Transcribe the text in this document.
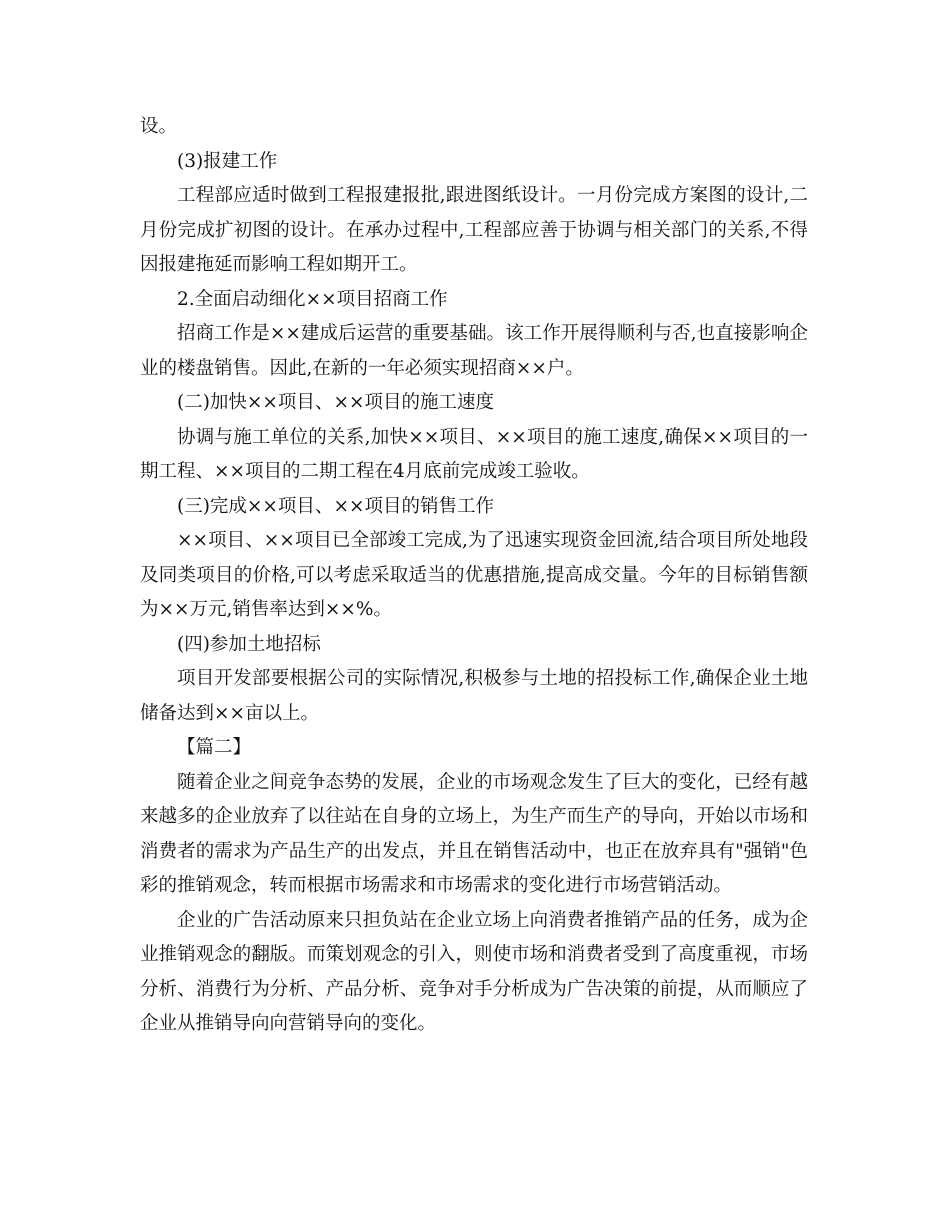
设。

(3)报建工作

工程部应适时做到工程报建报批,跟进图纸设计。一月份完成方案图的设计,二月份完成扩初图的设计。在承办过程中,工程部应善于协调与相关部门的关系,不得因报建拖延而影响工程如期开工。

2.全面启动细化××项目招商工作

招商工作是××建成后运营的重要基础。该工作开展得顺利与否,也直接影响企业的楼盘销售。因此,在新的一年必须实现招商××户。

(二)加快××项目、××项目的施工速度

协调与施工单位的关系,加快××项目、××项目的施工速度,确保××项目的一期工程、××项目的二期工程在4月底前完成竣工验收。

(三)完成××项目、××项目的销售工作

××项目、××项目已全部竣工完成,为了迅速实现资金回流,结合项目所处地段及同类项目的价格,可以考虑采取适当的优惠措施,提高成交量。今年的目标销售额为××万元,销售率达到××%。

(四)参加土地招标

项目开发部要根据公司的实际情况,积极参与土地的招投标工作,确保企业土地储备达到××亩以上。

【篇二】

随着企业之间竞争态势的发展，企业的市场观念发生了巨大的变化，已经有越来越多的企业放弃了以往站在自身的立场上，为生产而生产的导向，开始以市场和消费者的需求为产品生产的出发点，并且在销售活动中，也正在放弃具有"强销"色彩的推销观念，转而根据市场需求和市场需求的变化进行市场营销活动。

企业的广告活动原来只担负站在企业立场上向消费者推销产品的任务，成为企业推销观念的翻版。而策划观念的引入，则使市场和消费者受到了高度重视，市场分析、消费行为分析、产品分析、竞争对手分析成为广告决策的前提，从而顺应了企业从推销导向向营销导向的变化。
